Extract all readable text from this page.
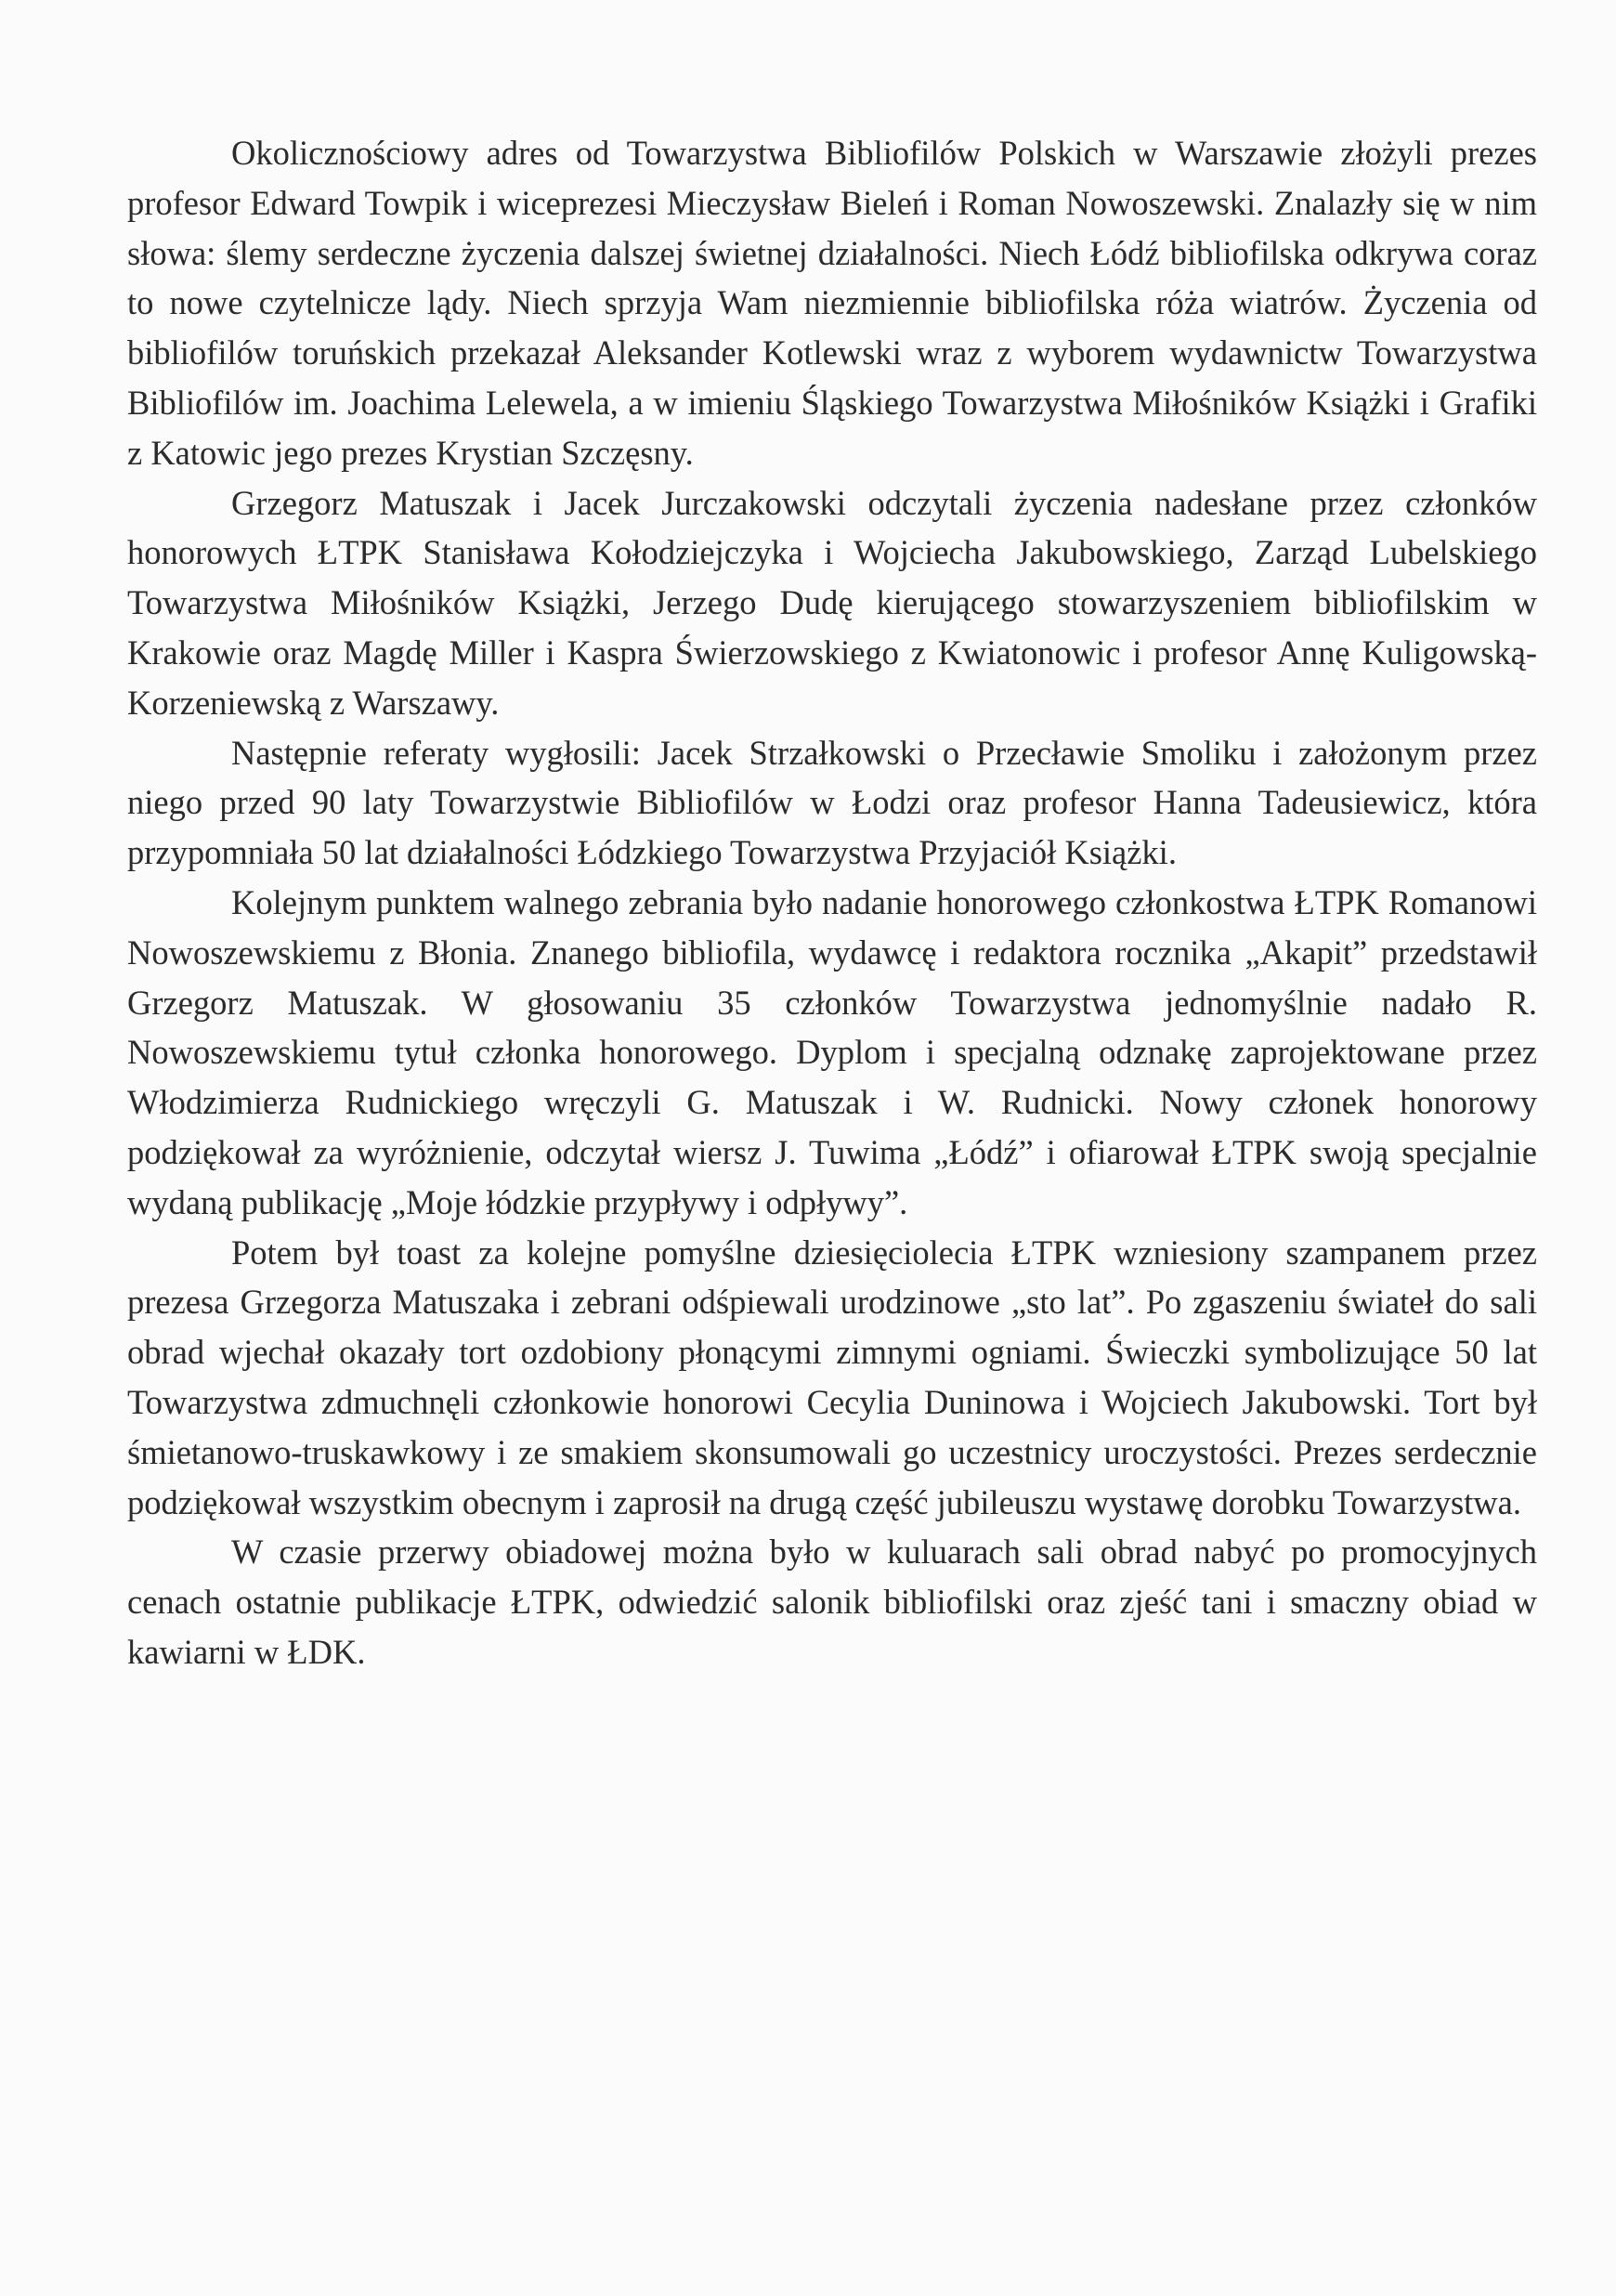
Okolicznościowy adres od Towarzystwa Bibliofilów Polskich w Warszawie złożyli prezes profesor Edward Towpik i wiceprezesi Mieczysław Bieleń i Roman Nowoszewski. Znalazły się w nim słowa: ślemy serdeczne życzenia dalszej świetnej działalności. Niech Łódź bibliofilska odkrywa coraz to nowe czytelnicze lądy. Niech sprzyja Wam niezmiennie bibliofilska róża wiatrów. Życzenia od bibliofilów toruńskich przekazał Aleksander Kotlewski wraz z wyborem wydawnictw Towarzystwa Bibliofilów im. Joachima Lelewela, a w imieniu Śląskiego Towarzystwa Miłośników Książki i Grafiki z Katowic jego prezes Krystian Szczęsny.

Grzegorz Matuszak i Jacek Jurczakowski odczytali życzenia nadesłane przez członków honorowych ŁTPK Stanisława Kołodziejczyka i Wojciecha Jakubowskiego, Zarząd Lubelskiego Towarzystwa Miłośników Książki, Jerzego Dudę kierującego stowarzyszeniem bibliofilskim w Krakowie oraz Magdę Miller i Kaspra Świerzowskiego z Kwiatonowic i profesor Annę Kuligowską-Korzeniewską z Warszawy.

Następnie referaty wygłosili: Jacek Strzałkowski o Przecławie Smoliku i założonym przez niego przed 90 laty Towarzystwie Bibliofilów w Łodzi oraz profesor Hanna Tadeusiewicz, która przypomniała 50 lat działalności Łódzkiego Towarzystwa Przyjaciół Książki.

Kolejnym punktem walnego zebrania było nadanie honorowego członkostwa ŁTPK Romanowi Nowoszewskiemu z Błonia. Znanego bibliofila, wydawcę i redaktora rocznika „Akapit” przedstawił Grzegorz Matuszak. W głosowaniu 35 członków Towarzystwa jednomyślnie nadało R. Nowoszewskiemu tytuł członka honorowego. Dyplom i specjalną odznakę zaprojektowane przez Włodzimierza Rudnickiego wręczyli G. Matuszak i W. Rudnicki. Nowy członek honorowy podziękował za wyróżnienie, odczytał wiersz J. Tuwima „Łódź” i ofiarował ŁTPK swoją specjalnie wydaną publikację „Moje łódzkie przypływy i odpływy”.

Potem był toast za kolejne pomyślne dziesięciolecia ŁTPK wzniesiony szampanem przez prezesa Grzegorza Matuszaka i zebrani odśpiewali urodzinowe „sto lat”. Po zgaszeniu świateł do sali obrad wjechał okazały tort ozdobiony płonącymi zimnymi ogniami. Świeczki symbolizujące 50 lat Towarzystwa zdmuchnęli członkowie honorowi Cecylia Duninowa i Wojciech Jakubowski. Tort był śmietanowo-truskawkowy i ze smakiem skonsumowali go uczestnicy uroczystości. Prezes serdecznie podziękował wszystkim obecnym i zaprosił na drugą część jubileuszu wystawę dorobku Towarzystwa.

W czasie przerwy obiadowej można było w kuluarach sali obrad nabyć po promocyjnych cenach ostatnie publikacje ŁTPK, odwiedzić salonik bibliofilski oraz zjeść tani i smaczny obiad w kawiarni w ŁDK.
